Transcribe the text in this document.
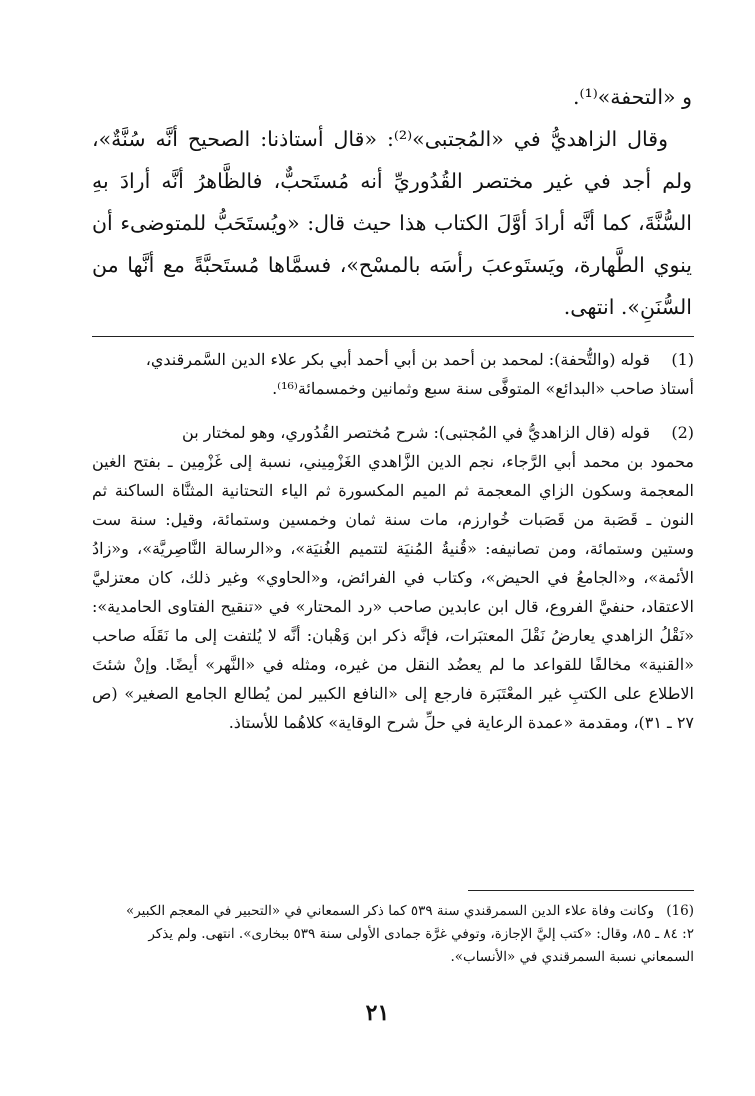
و «التحفة»⁽¹⁾.

وقال الزاهديُّ في «المُجتبى»⁽²⁾: «قال أستاذنا: الصحيح أنَّه سُنَّةٌ»، ولم أجد في غير مختصر القُدُوريِّ أنه مُستَحبٌّ، فالظَّاهرُ أنَّه أرادَ بهِ السُّنَّةَ، كما أنَّه أرادَ أوَّلَ الكتاب هذا حيث قال: «ويُستَحَبُّ للمتوضىء أن ينوي الطَّهارة، ويَستَوعبَ رأسَه بالمسْح»، فسمَّاها مُستَحبَّةً مع أنَّها من السُّنَنِ». انتهى.

(1)
قوله (والتُّحفة): لمحمد بن أحمد بن أبي أحمد أبي بكر علاء الدين السَّمرقندي،
أستاذ صاحب «البدائع» المتوفَّى سنة سبع وثمانين وخمسمائة⁽¹⁶⁾.
(2)
قوله (قال الزاهديُّ في المُجتبى): شرح مُختصر القُدُوري، وهو لمختار بن
محمود بن محمد أبي الرَّجاء، نجم الدين الزَّاهدي الغَزْمِيني، نسبة إلى غَزْمِين ـ بفتح الغين المعجمة وسكون الزاي المعجمة ثم الميم المكسورة ثم الياء التحتانية المثنَّاة الساكنة ثم النون ـ قَصَبة من قَصَبات خُوارزم، مات سنة ثمان وخمسين وستمائة، وقيل: سنة ست وستين وستمائة، ومن تصانيفه: «قُنيةُ المُنيَة لتتميم الغُنيَة»، و«الرسالة النَّاصِريَّة»، و«زادُ الأئمة»، و«الجامعُ في الحيض»، وكتاب في الفرائض، و«الحاوي» وغير ذلك، كان معتزليَّ الاعتقاد، حنفيَّ الفروع، قال ابن عابدين صاحب «رد المحتار» في «تنقيح الفتاوى الحامدية»: «نَقْلُ الزاهدي يعارضُ نَقْلَ المعتبَرات، فإنَّه ذكر ابن وَهْبان: أنَّه لا يُلتفت إلى ما نَقَلَه صاحب «القنية» مخالفًا للقواعد ما لم يعضُد النقل من غيره، ومثله في «النَّهر» أيضًا. وإنْ شئتَ الاطلاع على الكتبِ غير المعْتَبَرة فارجع إلى «النافع الكبير لمن يُطالع الجامع الصغير» (ص ٢٧ ـ ٣١)، ومقدمة «عمدة الرعاية في حلِّ شرح الوقاية» كلاهُما للأستاذ.
(16)
وكانت وفاة علاء الدين السمرقندي سنة ٥٣٩ كما ذكر السمعاني في «التحبير في المعجم الكبير»
٢: ٨٤ ـ ٨٥، وقال: «كتب إليَّ الإجازة، وتوفي غرَّة جمادى الأولى سنة ٥٣٩ ببخارى». انتهى. ولم يذكر السمعاني نسبة السمرقندي في «الأنساب».
٢١
